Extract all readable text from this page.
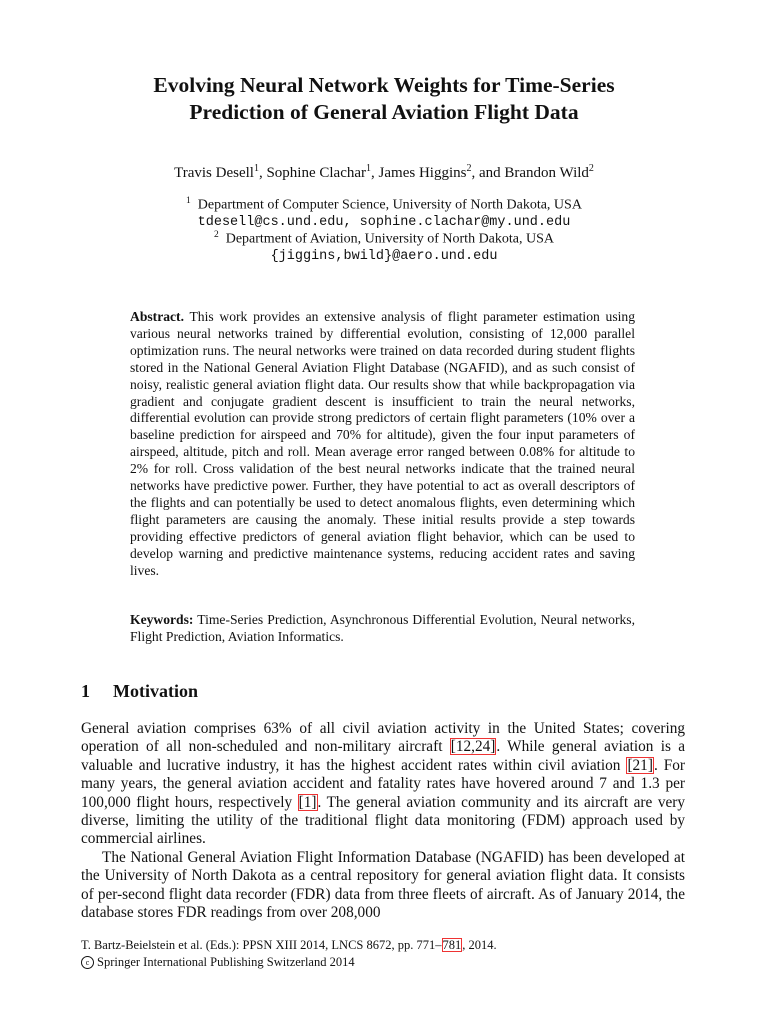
Evolving Neural Network Weights for Time-Series
Prediction of General Aviation Flight Data
Travis Desell$^1$, Sophine Clachar$^1$, James Higgins$^2$, and Brandon Wild$^2$
$^1$ Department of Computer Science, University of North Dakota, USA
tdesell@cs.und.edu, sophine.clachar@my.und.edu
$^2$ Department of Aviation, University of North Dakota, USA
{jiggins,bwild}@aero.und.edu

Abstract. This work provides an extensive analysis of flight parameter estimation using various neural networks trained by differential evolution, consisting of 12,000 parallel optimization runs. The neural networks were trained on data recorded during student flights stored in the National General Aviation Flight Database (NGAFID), and as such consist of noisy, realistic general aviation flight data. Our results show that while backpropagation via gradient and conjugate gradient descent is insufficient to train the neural networks, differential evolution can provide strong predictors of certain flight parameters (10% over a baseline prediction for airspeed and 70% for altitude), given the four input parameters of airspeed, altitude, pitch and roll. Mean average error ranged between 0.08% for altitude to 2% for roll. Cross validation of the best neural networks indicate that the trained neural networks have predictive power. Further, they have potential to act as overall descriptors of the flights and can potentially be used to detect anomalous flights, even determining which flight parameters are causing the anomaly. These initial results provide a step towards providing effective predictors of general aviation flight behavior, which can be used to develop warning and predictive maintenance systems, reducing accident rates and saving lives.

Keywords: Time-Series Prediction, Asynchronous Differential Evolution, Neural networks, Flight Prediction, Aviation Informatics.

1 Motivation

General aviation comprises 63% of all civil aviation activity in the United States; covering operation of all non-scheduled and non-military aircraft [12,24]. While general aviation is a valuable and lucrative industry, it has the highest accident rates within civil aviation [21]. For many years, the general aviation accident and fatality rates have hovered around 7 and 1.3 per 100,000 flight hours, respectively [1]. The general aviation community and its aircraft are very diverse, limiting the utility of the traditional flight data monitoring (FDM) approach used by commercial airlines.

The National General Aviation Flight Information Database (NGAFID) has been developed at the University of North Dakota as a central repository for general aviation flight data. It consists of per-second flight data recorder (FDR) data from three fleets of aircraft. As of January 2014, the database stores FDR readings from over 208,000

T. Bartz-Beielstein et al. (Eds.): PPSN XIII 2014, LNCS 8672, pp. 771–781, 2014.
c Springer International Publishing Switzerland 2014
